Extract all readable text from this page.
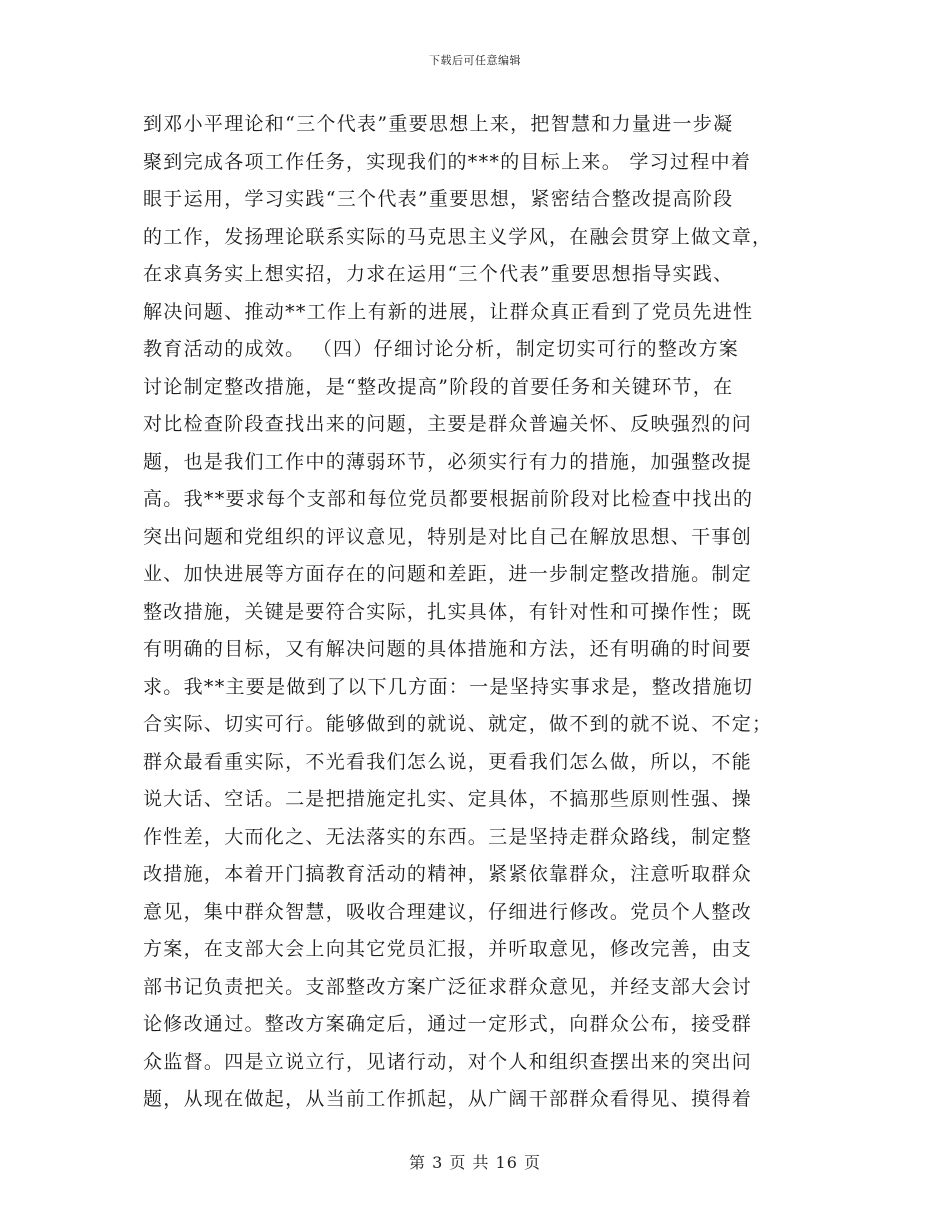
下载后可任意编辑
到邓小平理论和“三个代表”重要思想上来，把智慧和力量进一步凝
聚到完成各项工作任务，实现我们的***的目标上来。 学习过程中着
眼于运用，学习实践“三个代表”重要思想，紧密结合整改提高阶段
的工作，发扬理论联系实际的马克思主义学风，在融会贯穿上做文章，
在求真务实上想实招，力求在运用“三个代表”重要思想指导实践、
解决问题、推动**工作上有新的进展，让群众真正看到了党员先进性
教育活动的成效。 （四）仔细讨论分析，制定切实可行的整改方案
讨论制定整改措施，是“整改提高”阶段的首要任务和关键环节，在
对比检查阶段查找出来的问题，主要是群众普遍关怀、反映强烈的问
题，也是我们工作中的薄弱环节，必须实行有力的措施，加强整改提
高。我**要求每个支部和每位党员都要根据前阶段对比检查中找出的
突出问题和党组织的评议意见，特别是对比自己在解放思想、干事创
业、加快进展等方面存在的问题和差距，进一步制定整改措施。制定
整改措施，关键是要符合实际，扎实具体，有针对性和可操作性；既
有明确的目标，又有解决问题的具体措施和方法，还有明确的时间要
求。我**主要是做到了以下几方面：一是坚持实事求是，整改措施切
合实际、切实可行。能够做到的就说、就定，做不到的就不说、不定；
群众最看重实际，不光看我们怎么说，更看我们怎么做，所以，不能
说大话、空话。二是把措施定扎实、定具体，不搞那些原则性强、操
作性差，大而化之、无法落实的东西。三是坚持走群众路线，制定整
改措施，本着开门搞教育活动的精神，紧紧依靠群众，注意听取群众
意见，集中群众智慧，吸收合理建议，仔细进行修改。党员个人整改
方案，在支部大会上向其它党员汇报，并听取意见，修改完善，由支
部书记负责把关。支部整改方案广泛征求群众意见，并经支部大会讨
论修改通过。整改方案确定后，通过一定形式，向群众公布，接受群
众监督。四是立说立行，见诸行动，对个人和组织查摆出来的突出问
题，从现在做起，从当前工作抓起，从广阔干部群众看得见、摸得着
第 3 页 共 16 页
